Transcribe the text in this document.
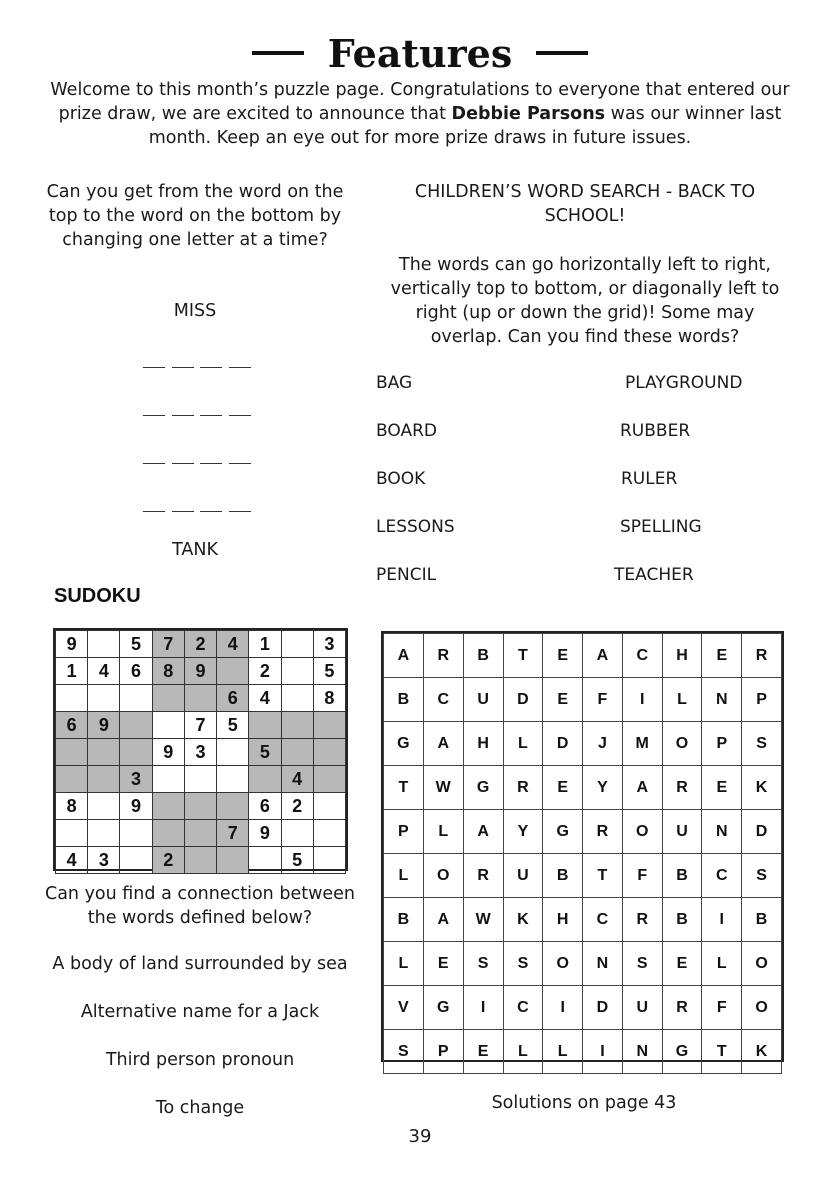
Features
Welcome to this month’s puzzle page. Congratulations to everyone that entered our prize draw, we are excited to announce that Debbie Parsons was our winner last month. Keep an eye out for more prize draws in future issues.
Can you get from the word on the top to the word on the bottom by changing one letter at a time?
MISS
TANK
SUDOKU
9		5	7	2	4	1		3
1	4	6	8	9		2		5
					6	4		8
6	9			7	5			
			9	3		5		
		3					4	
8		9				6	2	
					7	9		
4	3		2				5	
Can you find a connection between the words defined below?
A body of land surrounded by sea
Alternative name for a Jack
Third person pronoun
To change
CHILDREN’S WORD SEARCH - BACK TO SCHOOL!
The words can go horizontally left to right, vertically top to bottom, or diagonally left to right (up or down the grid)! Some may overlap. Can you find these words?
BAG
BOARD
BOOK
LESSONS
PENCIL
PLAYGROUND
RUBBER
RULER
SPELLING
TEACHER
A	R	B	T	E	A	C	H	E	R
B	C	U	D	E	F	I	L	N	P
G	A	H	L	D	J	M	O	P	S
T	W	G	R	E	Y	A	R	E	K
P	L	A	Y	G	R	O	U	N	D
L	O	R	U	B	T	F	B	C	S
B	A	W	K	H	C	R	B	I	B
L	E	S	S	O	N	S	E	L	O
V	G	I	C	I	D	U	R	F	O
S	P	E	L	L	I	N	G	T	K
Solutions on page 43
39
